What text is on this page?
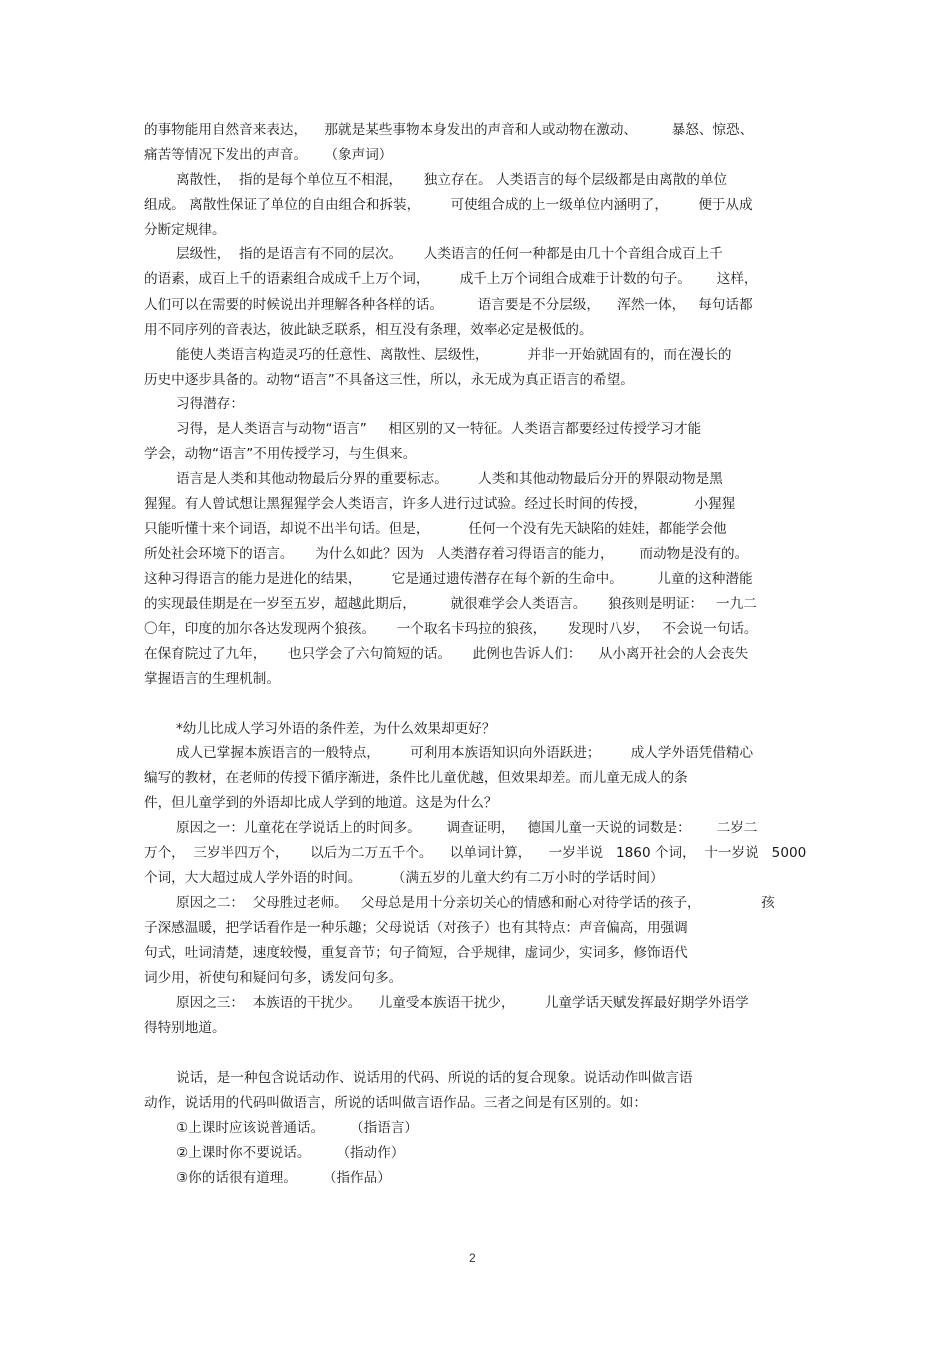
的事物能用自然音来表达，    那就是某些事物本身发出的声音和人或动物在激动、        暴怒、惊恐、
痛苦等情况下发出的声音。    （象声词）
离散性，  指的是每个单位互不相混，     独立存在。 人类语言的每个层级都是由离散的单位
组成。 离散性保证了单位的自由组合和拆装，       可使组合成的上一级单位内涵明了，       便于从成
分断定规律。
层级性，  指的是语言有不同的层次。     人类语言的任何一种都是由几十个音组合成百上千
的语素，成百上千的语素组合成成千上万个词，       成千上万个词组合成难于计数的句子。      这样，
人们可以在需要的时候说出并理解各种各样的话。        语言要是不分层级，    浑然一体，   每句话都
用不同序列的音表达，彼此缺乏联系，相互没有条理，效率必定是极低的。
能使人类语言构造灵巧的任意性、离散性、层级性，         并非一开始就固有的，而在漫长的
历史中逐步具备的。动物“语言”不具备这三性，所以，永无成为真正语言的希望。
习得潜存：
习得，是人类语言与动物“语言”     相区别的又一特征。人类语言都要经过传授学习才能
学会，动物“语言”不用传授学习，与生俱来。
语言是人类和其他动物最后分界的重要标志。       人类和其他动物最后分开的界限动物是黑
猩猩。有人曾试想让黑猩猩学会人类语言，许多人进行过试验。经过长时间的传授，           小猩猩
只能听懂十来个词语，却说不出半句话。但是，         任何一个没有先天缺陷的娃娃，都能学会他
所处社会环境下的语言。     为什么如此？因为   人类潜存着习得语言的能力，      而动物是没有的。
这种习得语言的能力是进化的结果，       它是通过遗传潜存在每个新的生命中。        儿童的这种潜能
的实现最佳期是在一岁至五岁，超越此期后，        就很难学会人类语言。     狼孩则是明证：   一九二
〇年，印度的加尔各达发现两个狼孩。     一个取名卡玛拉的狼孩，     发现时八岁，   不会说一句话。
在保育院过了九年，     也只学会了六句简短的话。     此例也告诉人们：    从小离开社会的人会丧失
掌握语言的生理机制。
*幼儿比成人学习外语的条件差，为什么效果却更好？
成人已掌握本族语言的一般特点，       可利用本族语知识向外语跃进；       成人学外语凭借精心
编写的教材，在老师的传授下循序渐进，条件比儿童优越，但效果却差。而儿童无成人的条
件，但儿童学到的外语却比成人学到的地道。这是为什么？
原因之一：儿童花在学说话上的时间多。      调查证明，   德国儿童一天说的词数是：      二岁二
万个，  三岁半四万个，     以后为二万五千个。    以单词计算，    一岁半说   1860 个词，  十一岁说   5000
个词，大大超过成人学外语的时间。       （满五岁的儿童大约有二万小时的学话时间）
原因之二：  父母胜过老师。   父母总是用十分亲切关心的情感和耐心对待学话的孩子，              孩
子深感温暖，把学话看作是一种乐趣；父母说话（对孩子）也有其特点：声音偏高，用强调
句式，吐词清楚，速度较慢，重复音节；句子简短，合乎规律，虚词少，实词多，修饰语代
词少用，祈使句和疑问句多，诱发问句多。
原因之三：  本族语的干扰少。    儿童受本族语干扰少，       儿童学话天赋发挥最好期学外语学
得特别地道。
说话，是一种包含说话动作、说话用的代码、所说的话的复合现象。说话动作叫做言语
动作，说话用的代码叫做语言，所说的话叫做言语作品。三者之间是有区别的。如：
①上课时应该说普通话。      （指语言）
②上课时你不要说话。      （指动作）
③你的话很有道理。      （指作品）
2
